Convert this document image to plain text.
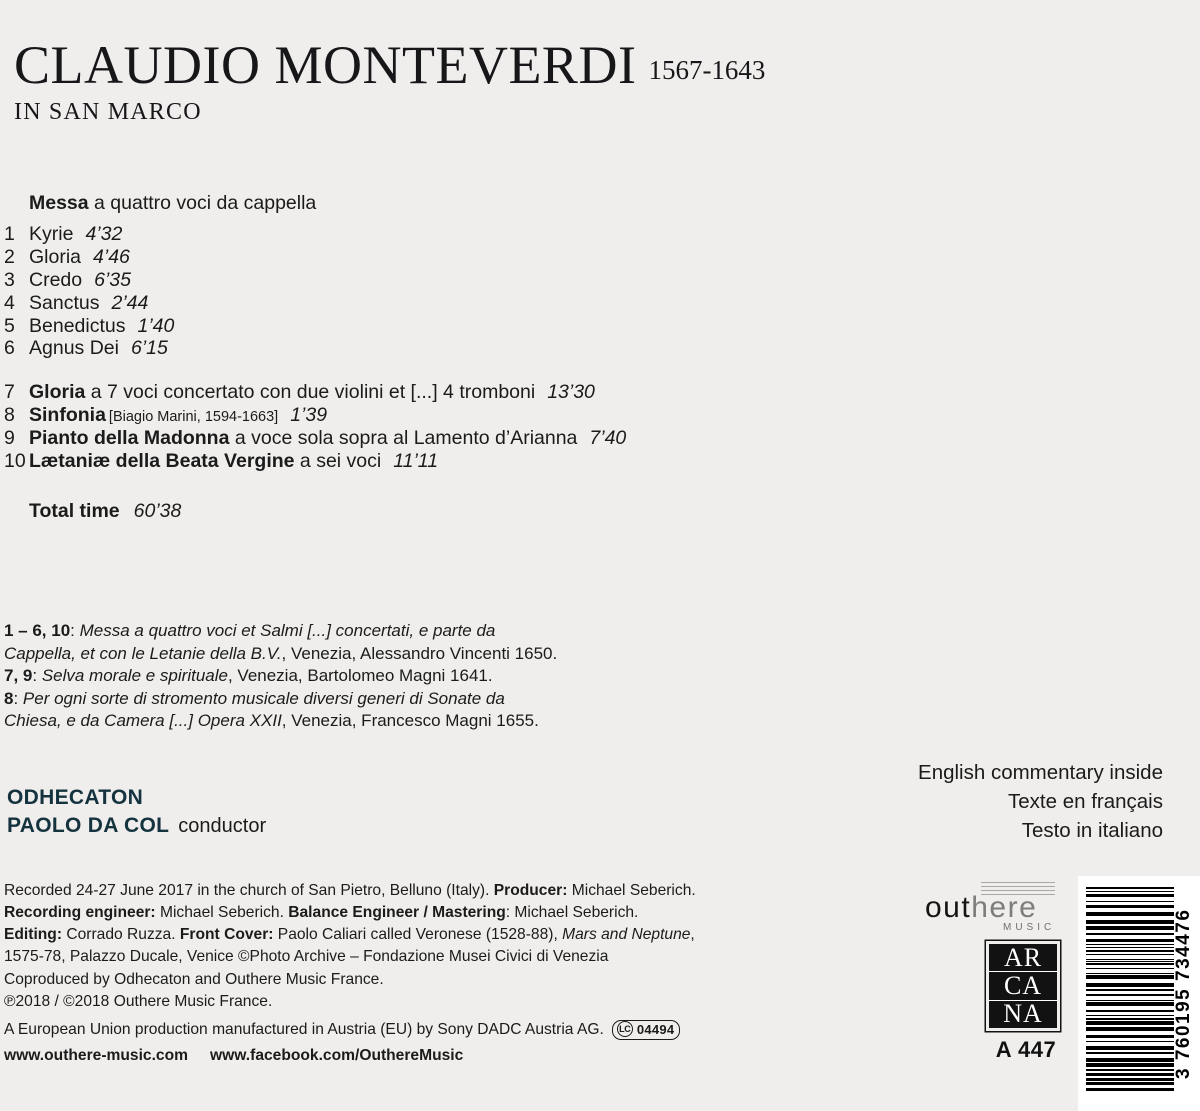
CLAUDIO MONTEVERDI 1567-1643
IN SAN MARCO
Messa a quattro voci da cappella
1 Kyrie 4’32
2 Gloria 4’46
3 Credo 6’35
4 Sanctus 2’44
5 Benedictus 1’40
6 Agnus Dei 6’15
7 Gloria a 7 voci concertato con due violini et [...] 4 tromboni 13’30
8 Sinfonia [Biagio Marini, 1594-1663] 1’39
9 Pianto della Madonna a voce sola sopra al Lamento d’Arianna 7’40
10 Lætaniæ della Beata Vergine a sei voci 11’11
Total time 60’38
1 – 6, 10: Messa a quattro voci et Salmi [...] concertati, e parte da
Cappella, et con le Letanie della B.V., Venezia, Alessandro Vincenti 1650.
7, 9: Selva morale e spirituale, Venezia, Bartolomeo Magni 1641.
8: Per ogni sorte di stromento musicale diversi generi di Sonate da
Chiesa, e da Camera [...] Opera XXII, Venezia, Francesco Magni 1655.
ODHECATON
PAOLO DA COL conductor
English commentary inside
Texte en français
Testo in italiano
Recorded 24-27 June 2017 in the church of San Pietro, Belluno (Italy). Producer: Michael Seberich.
Recording engineer: Michael Seberich. Balance Engineer / Mastering: Michael Seberich.
Editing: Corrado Ruzza. Front Cover: Paolo Caliari called Veronese (1528-88), Mars and Neptune,
1575-78, Palazzo Ducale, Venice ©Photo Archive – Fondazione Musei Civici di Venezia
Coproduced by Odhecaton and Outhere Music France.
℗2018 / ©2018 Outhere Music France.
A European Union production manufactured in Austria (EU) by Sony DADC Austria AG. LC 04494
www.outhere-music.com www.facebook.com/OuthereMusic
outhere
MUSIC
AR
CA
NA
A 447	3 760195 734476
